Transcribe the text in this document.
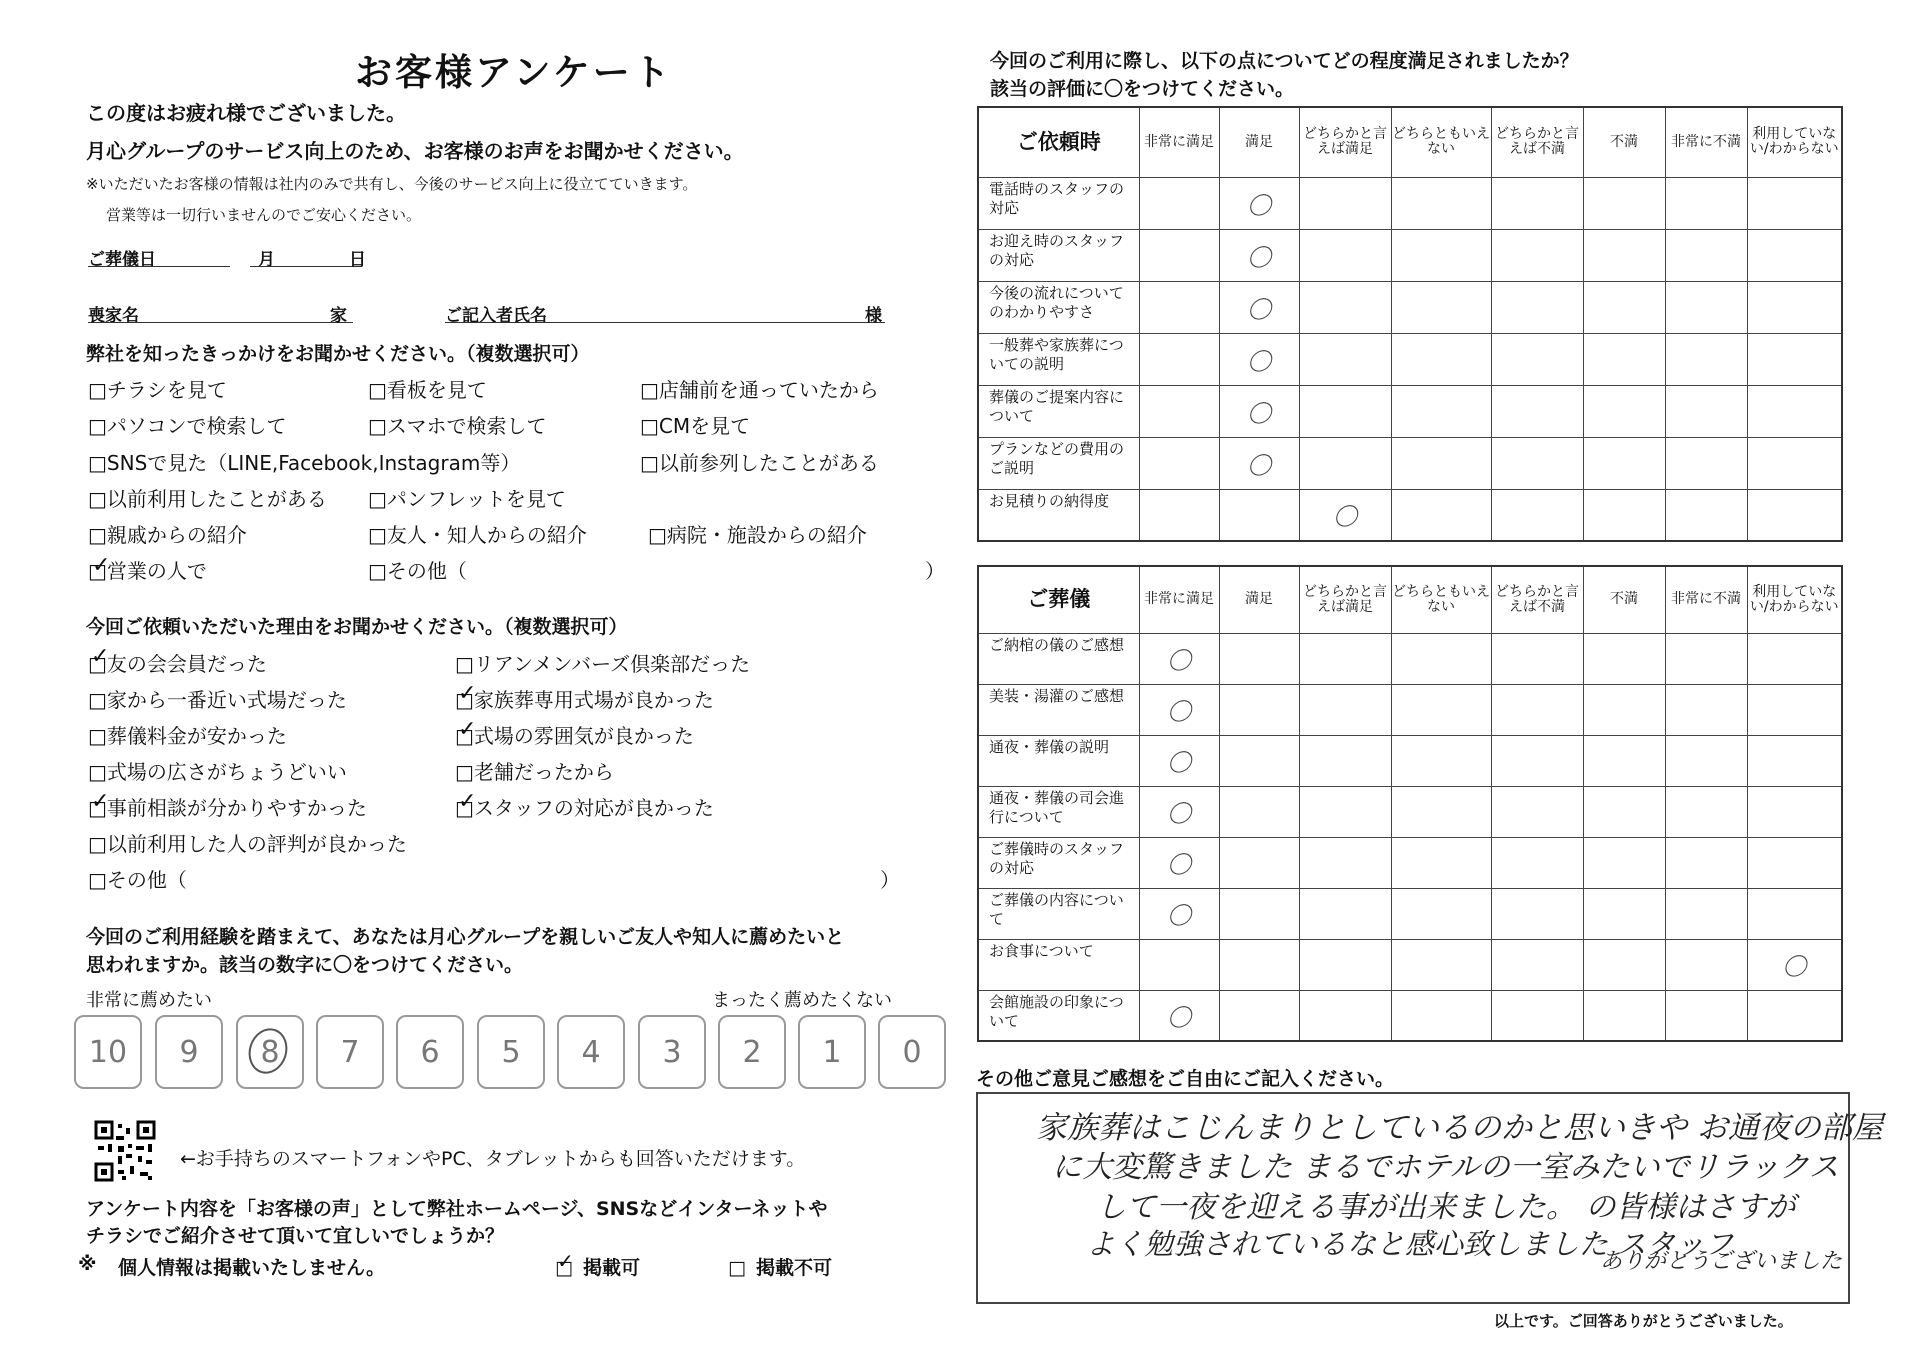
お客様アンケート
この度はお疲れ様でございました。
月心グループのサービス向上のため、お客様のお声をお聞かせください。
※いただいたお客様の情報は社内のみで共有し、今後のサービス向上に役立てていきます。
営業等は一切行いませんのでご安心ください。
ご葬儀日	月	日
喪家名	家	ご記入者氏名	様
弊社を知ったきっかけをお聞かせください。（複数選択可）
□ チラシを見て	□ 看板を見て	□ 店舗前を通っていたから
□ パソコンで検索して	□ スマホで検索して	□ CMを見て
□ SNSで見た（LINE,Facebook,Instagram等）	□ 以前参列したことがある
□ 以前利用したことがある	□ パンフレットを見て
□ 親戚からの紹介	□ 友人・知人からの紹介	□ 病院・施設からの紹介
□ 営業の人で
✓	□ その他（	）
今回ご依頼いただいた理由をお聞かせください。（複数選択可）
□ 友の会会員だった
✓	□ リアンメンバーズ倶楽部だった
□ 家から一番近い式場だった	□ 家族葬専用式場が良かった
✓
□ 葬儀料金が安かった	□ 式場の雰囲気が良かった
✓
□ 式場の広さがちょうどいい	□ 老舗だったから
□ 事前相談が分かりやすかった
✓	□ スタッフの対応が良かった
✓
□ 以前利用した人の評判が良かった
□ その他（	）
今回のご利用経験を踏まえて、あなたは月心グループを親しいご友人や知人に薦めたいと
思われますか。該当の数字に〇をつけてください。
非常に薦めたい	まったく薦めたくない
10	9	8	7	6	5	4	3	2	1	0
←お手持ちのスマートフォンやPC、タブレットからも回答いただけます。
アンケート内容を「お客様の声」として弊社ホームページ、SNSなどインターネットや
チラシでご紹介させて頂いて宜しいでしょうか？
※ 個人情報は掲載いたしません。	□ 掲載可
✓	□ 掲載不可
今回のご利用に際し、以下の点についてどの程度満足されましたか？
該当の評価に〇をつけてください。
ご依頼時	非常に満足	満足	どちらかと言えば満足	どちらともいえない	どちらかと言えば不満	不満	非常に不満	利用していない/わからない
電話時のスタッフの対応		〇						
お迎え時のスタッフの対応		〇						
今後の流れについてのわかりやすさ		〇						
一般葬や家族葬についての説明		〇						
葬儀のご提案内容について		〇						
プランなどの費用のご説明		〇						
お見積りの納得度			〇					
ご葬儀	非常に満足	満足	どちらかと言えば満足	どちらともいえない	どちらかと言えば不満	不満	非常に不満	利用していない/わからない
ご納棺の儀のご感想	〇							
美装・湯灌のご感想	〇							
通夜・葬儀の説明	〇							
通夜・葬儀の司会進行について	〇							
ご葬儀時のスタッフの対応	〇							
ご葬儀の内容について	〇							
お食事について								〇
会館施設の印象について	〇							
その他ご意見ご感想をご自由にご記入ください。
家族葬はこじんまりとしているのかと思いきや お通夜の部屋
に大変驚きました まるでホテルの一室みたいでリラックス
して一夜を迎える事が出来ました。 の皆様はさすが
よく勉強されているなと感心致しました スタッフ
ありがとうございました
以上です。ご回答ありがとうございました。
